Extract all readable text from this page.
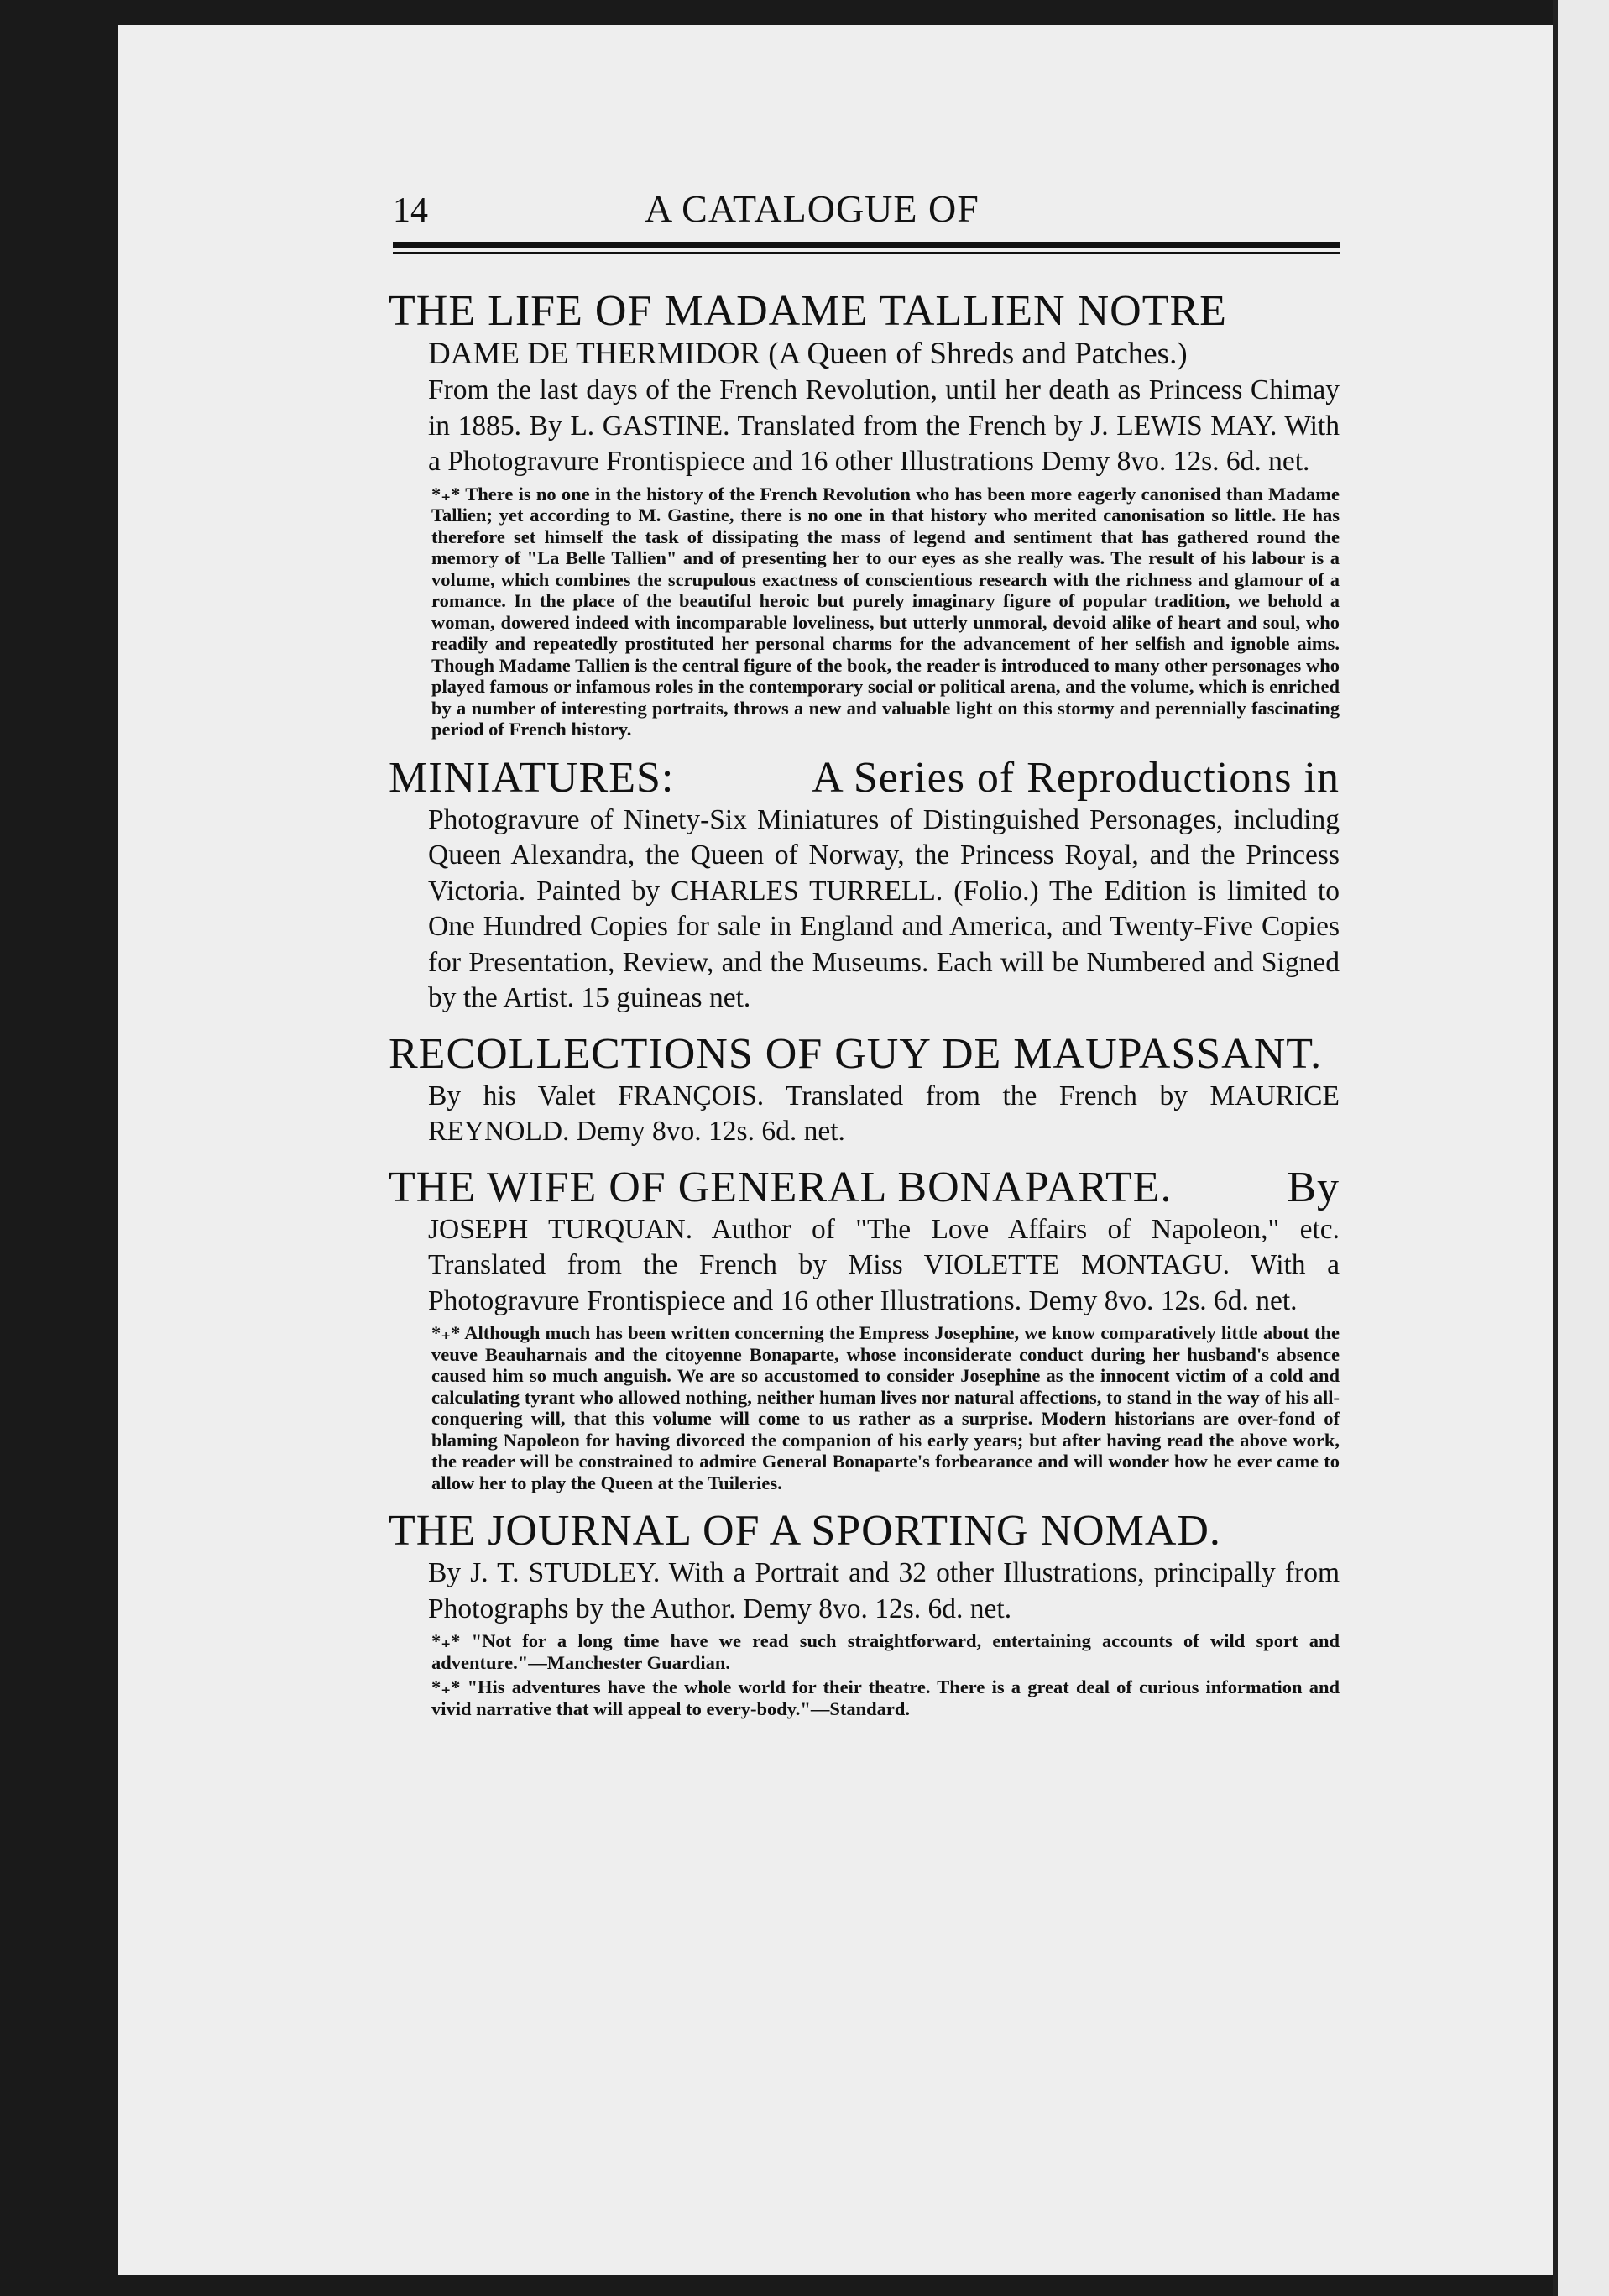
14	A CATALOGUE OF
THE LIFE OF MADAME TALLIEN NOTRE
DAME DE THERMIDOR (A Queen of Shreds and Patches.)
From the last days of the French Revolution, until her death as Princess Chimay in 1885. By L. GASTINE. Translated from the French by J. LEWIS MAY. With a Photogravure Frontispiece and 16 other Illustrations Demy 8vo. 12s. 6d. net.
*₊* There is no one in the history of the French Revolution who has been more eagerly canonised than Madame Tallien; yet according to M. Gastine, there is no one in that history who merited canonisation so little. He has therefore set himself the task of dissipating the mass of legend and sentiment that has gathered round the memory of "La Belle Tallien" and of presenting her to our eyes as she really was. The result of his labour is a volume, which combines the scrupulous exactness of conscientious research with the richness and glamour of a romance. In the place of the beautiful heroic but purely imaginary figure of popular tradition, we behold a woman, dowered indeed with incomparable loveliness, but utterly unmoral, devoid alike of heart and soul, who readily and repeatedly prostituted her personal charms for the advancement of her selfish and ignoble aims. Though Madame Tallien is the central figure of the book, the reader is introduced to many other personages who played famous or infamous roles in the contemporary social or political arena, and the volume, which is enriched by a number of interesting portraits, throws a new and valuable light on this stormy and perennially fascinating period of French history.
MINIATURES:	A Series of Reproductions in
Photogravure of Ninety-Six Miniatures of Distinguished Personages, including Queen Alexandra, the Queen of Norway, the Princess Royal, and the Princess Victoria. Painted by CHARLES TURRELL. (Folio.) The Edition is limited to One Hundred Copies for sale in England and America, and Twenty-Five Copies for Presentation, Review, and the Museums. Each will be Numbered and Signed by the Artist. 15 guineas net.
RECOLLECTIONS OF GUY DE MAUPASSANT.
By his Valet FRANÇOIS. Translated from the French by MAURICE REYNOLD. Demy 8vo. 12s. 6d. net.
THE WIFE OF GENERAL BONAPARTE.	By
JOSEPH TURQUAN. Author of "The Love Affairs of Napoleon," etc. Translated from the French by Miss VIOLETTE MONTAGU. With a Photogravure Frontispiece and 16 other Illustrations. Demy 8vo. 12s. 6d. net.
*₊* Although much has been written concerning the Empress Josephine, we know comparatively little about the veuve Beauharnais and the citoyenne Bonaparte, whose inconsiderate conduct during her husband's absence caused him so much anguish. We are so accustomed to consider Josephine as the innocent victim of a cold and calculating tyrant who allowed nothing, neither human lives nor natural affections, to stand in the way of his all-conquering will, that this volume will come to us rather as a surprise. Modern historians are over-fond of blaming Napoleon for having divorced the companion of his early years; but after having read the above work, the reader will be constrained to admire General Bonaparte's forbearance and will wonder how he ever came to allow her to play the Queen at the Tuileries.
THE JOURNAL OF A SPORTING NOMAD.
By J. T. STUDLEY. With a Portrait and 32 other Illustrations, principally from Photographs by the Author. Demy 8vo. 12s. 6d. net.
*₊* "Not for a long time have we read such straightforward, entertaining accounts of wild sport and adventure."—Manchester Guardian.
*₊* "His adventures have the whole world for their theatre. There is a great deal of curious information and vivid narrative that will appeal to every-body."—Standard.
